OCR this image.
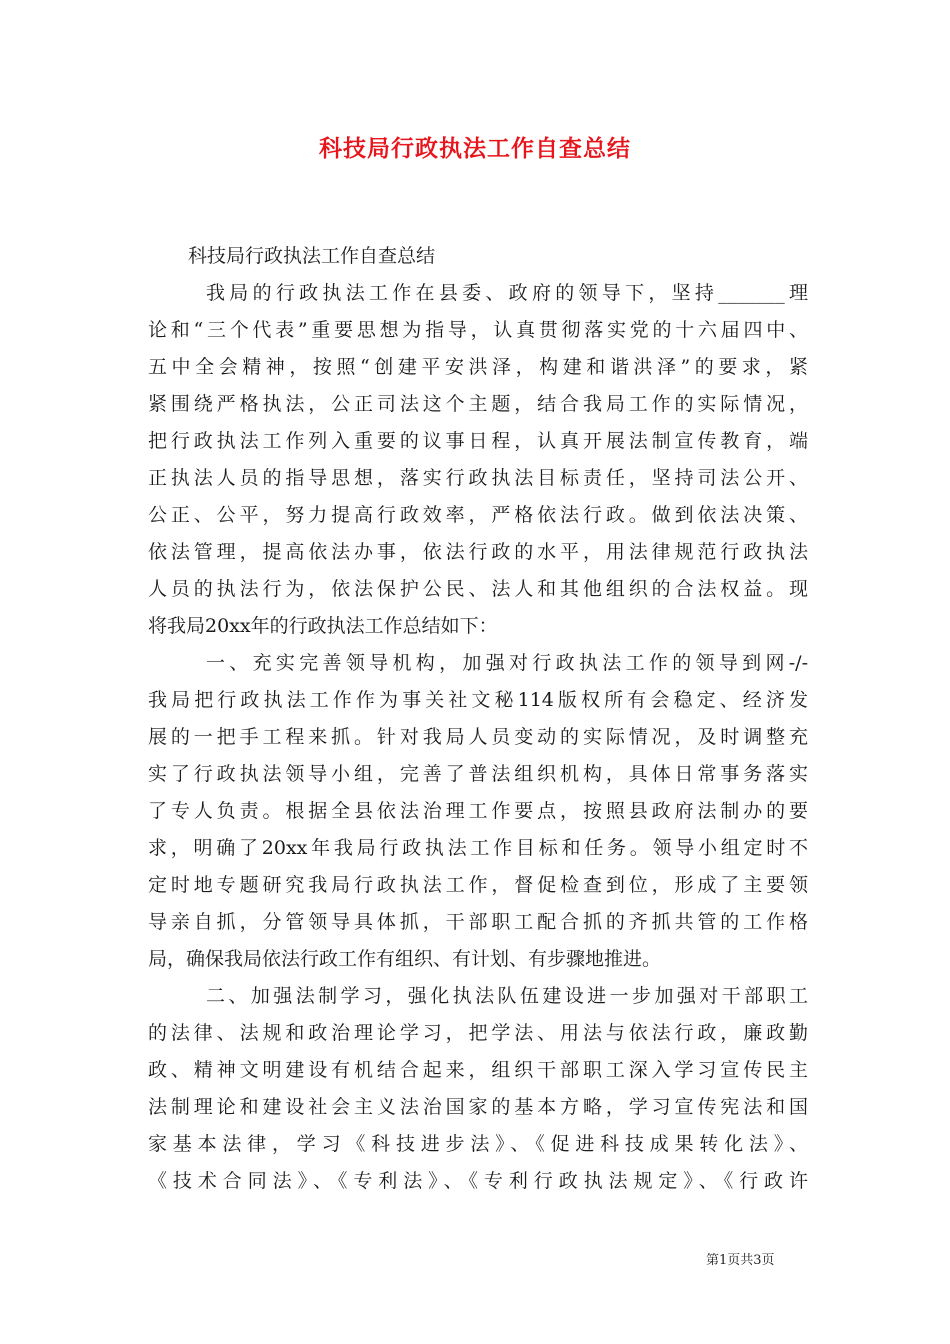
科技局行政执法工作自查总结
科技局行政执法工作自查总结
我局的行政执法工作在县委、政府的领导下，坚持_______理
论和“三个代表”重要思想为指导，认真贯彻落实党的十六届四中、
五中全会精神，按照“创建平安洪泽，构建和谐洪泽”的要求，紧
紧围绕严格执法，公正司法这个主题，结合我局工作的实际情况，
把行政执法工作列入重要的议事日程，认真开展法制宣传教育，端
正执法人员的指导思想，落实行政执法目标责任，坚持司法公开、
公正、公平，努力提高行政效率，严格依法行政。做到依法决策、
依法管理，提高依法办事，依法行政的水平，用法律规范行政执法
人员的执法行为，依法保护公民、法人和其他组织的合法权益。现
将我局20xx年的行政执法工作总结如下：
一、充实完善领导机构，加强对行政执法工作的领导到网-/-
我局把行政执法工作作为事关社文秘114版权所有会稳定、经济发
展的一把手工程来抓。针对我局人员变动的实际情况，及时调整充
实了行政执法领导小组，完善了普法组织机构，具体日常事务落实
了专人负责。根据全县依法治理工作要点，按照县政府法制办的要
求，明确了20xx年我局行政执法工作目标和任务。领导小组定时不
定时地专题研究我局行政执法工作，督促检查到位，形成了主要领
导亲自抓，分管领导具体抓，干部职工配合抓的齐抓共管的工作格
局，确保我局依法行政工作有组织、有计划、有步骤地推进。
二、加强法制学习，强化执法队伍建设进一步加强对干部职工
的法律、法规和政治理论学习，把学法、用法与依法行政，廉政勤
政、精神文明建设有机结合起来，组织干部职工深入学习宣传民主
法制理论和建设社会主义法治国家的基本方略，学习宣传宪法和国
家基本法律，学习《科技进步法》、《促进科技成果转化法》、
《技术合同法》、《专利法》、《专利行政执法规定》、《行政许
第1页共3页
